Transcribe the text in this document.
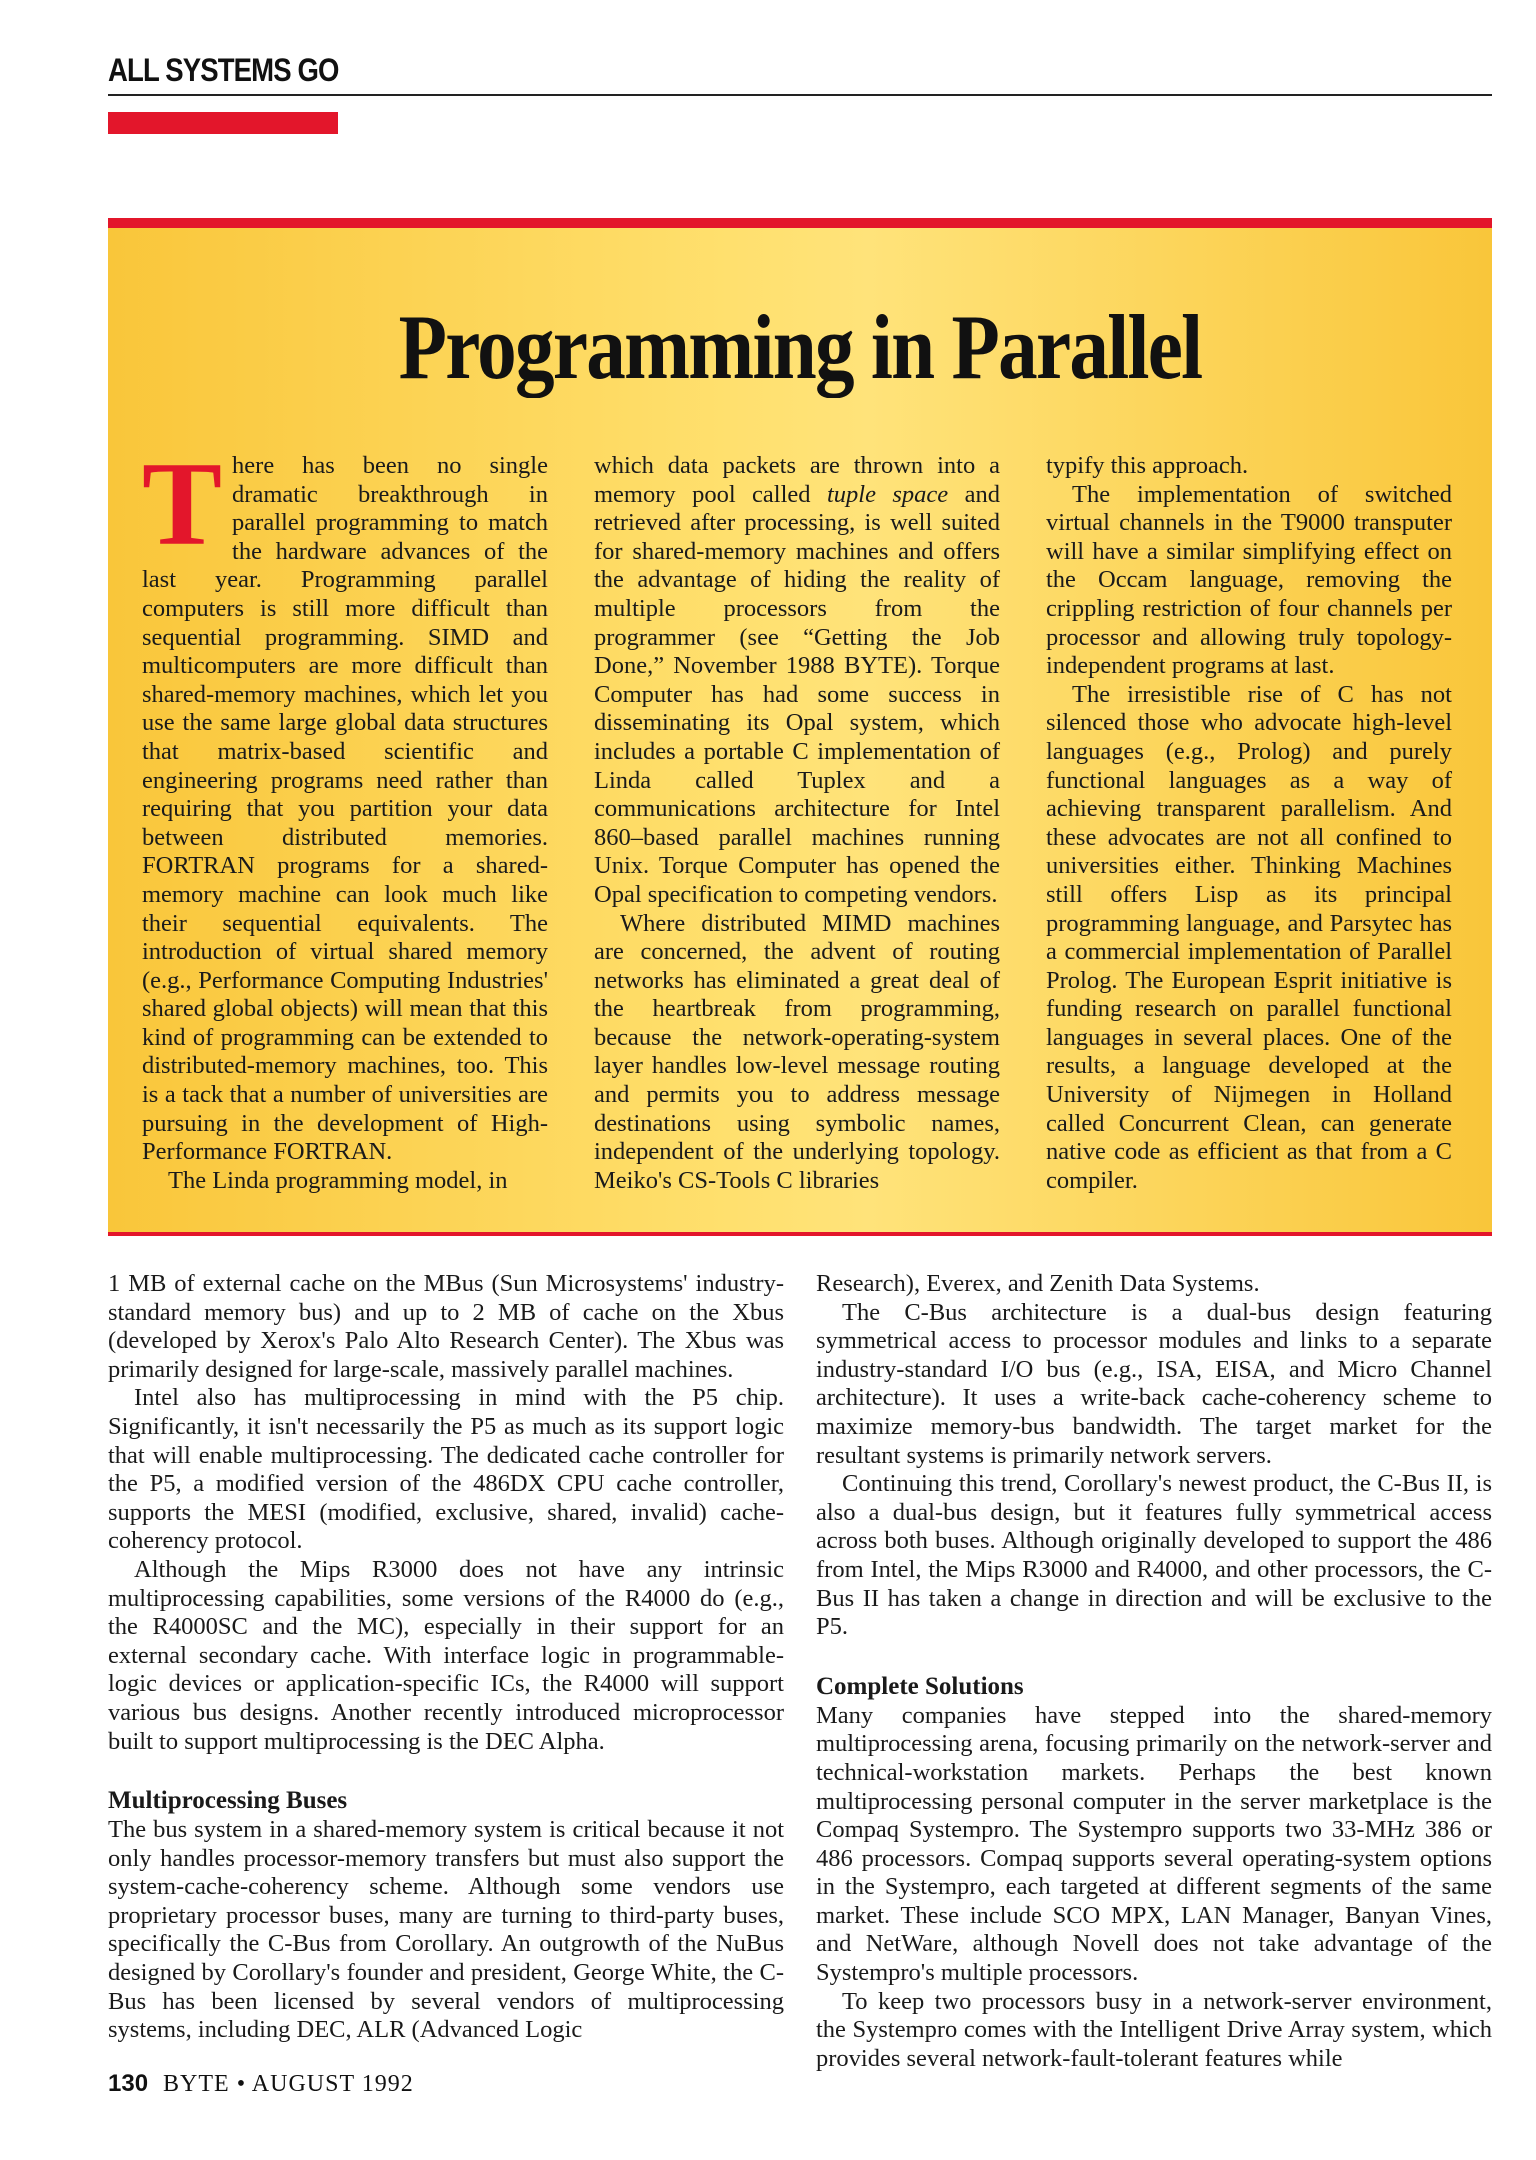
ALL SYSTEMS GO
Programming in Parallel

There has been no single dramatic breakthrough in parallel programming to match the hardware advances of the last year. Programming parallel computers is still more difficult than sequential programming. SIMD and multicomputers are more difficult than shared-memory machines, which let you use the same large global data structures that matrix-based scientific and engineering programs need rather than requiring that you partition your data between distributed memories. FORTRAN programs for a shared-memory machine can look much like their sequential equivalents. The introduction of virtual shared memory (e.g., Performance Computing Industries' shared global objects) will mean that this kind of programming can be extended to distributed-memory machines, too. This is a tack that a number of universities are pursuing in the development of High-Performance FORTRAN.

The Linda programming model, in

which data packets are thrown into a memory pool called tuple space and retrieved after processing, is well suited for shared-memory machines and offers the advantage of hiding the reality of multiple processors from the programmer (see “Getting the Job Done,” November 1988 BYTE). Torque Computer has had some success in disseminating its Opal system, which includes a portable C implementation of Linda called Tuplex and a communications architecture for Intel 860–based parallel machines running Unix. Torque Computer has opened the Opal specification to competing vendors.

Where distributed MIMD machines are concerned, the advent of routing networks has eliminated a great deal of the heartbreak from programming, because the network-operating-system layer handles low-level message routing and permits you to address message destinations using symbolic names, independent of the underlying topology. Meiko's CS-Tools C libraries

typify this approach.

The implementation of switched virtual channels in the T9000 transputer will have a similar simplifying effect on the Occam language, removing the crippling restriction of four channels per processor and allowing truly topology-independent programs at last.

The irresistible rise of C has not silenced those who advocate high-level languages (e.g., Prolog) and purely functional languages as a way of achieving transparent parallelism. And these advocates are not all confined to universities either. Thinking Machines still offers Lisp as its principal programming language, and Parsytec has a commercial implementation of Parallel Prolog. The European Esprit initiative is funding research on parallel functional languages in several places. One of the results, a language developed at the University of Nijmegen in Holland called Concurrent Clean, can generate native code as efficient as that from a C compiler.

1 MB of external cache on the MBus (Sun Microsystems' industry-standard memory bus) and up to 2 MB of cache on the Xbus (developed by Xerox's Palo Alto Research Center). The Xbus was primarily designed for large-scale, massively parallel machines.

Intel also has multiprocessing in mind with the P5 chip. Significantly, it isn't necessarily the P5 as much as its support logic that will enable multiprocessing. The dedicated cache controller for the P5, a modified version of the 486DX CPU cache controller, supports the MESI (modified, exclusive, shared, invalid) cache-coherency protocol.

Although the Mips R3000 does not have any intrinsic multiprocessing capabilities, some versions of the R4000 do (e.g., the R4000SC and the MC), especially in their support for an external secondary cache. With interface logic in programmable-logic devices or application-specific ICs, the R4000 will support various bus designs. Another recently introduced microprocessor built to support multiprocessing is the DEC Alpha.

Multiprocessing Buses

The bus system in a shared-memory system is critical because it not only handles processor-memory transfers but must also support the system-cache-coherency scheme. Although some vendors use proprietary processor buses, many are turning to third-party buses, specifically the C-Bus from Corollary. An outgrowth of the NuBus designed by Corollary's founder and president, George White, the C-Bus has been licensed by several vendors of multiprocessing systems, including DEC, ALR (Advanced Logic

Research), Everex, and Zenith Data Systems.

The C-Bus architecture is a dual-bus design featuring symmetrical access to processor modules and links to a separate industry-standard I/O bus (e.g., ISA, EISA, and Micro Channel architecture). It uses a write-back cache-coherency scheme to maximize memory-bus bandwidth. The target market for the resultant systems is primarily network servers.

Continuing this trend, Corollary's newest product, the C-Bus II, is also a dual-bus design, but it features fully symmetrical access across both buses. Although originally developed to support the 486 from Intel, the Mips R3000 and R4000, and other processors, the C-Bus II has taken a change in direction and will be exclusive to the P5.

Complete Solutions

Many companies have stepped into the shared-memory multiprocessing arena, focusing primarily on the network-server and technical-workstation markets. Perhaps the best known multiprocessing personal computer in the server marketplace is the Compaq Systempro. The Systempro supports two 33-MHz 386 or 486 processors. Compaq supports several operating-system options in the Systempro, each targeted at different segments of the same market. These include SCO MPX, LAN Manager, Banyan Vines, and NetWare, although Novell does not take advantage of the Systempro's multiple processors.

To keep two processors busy in a network-server environment, the Systempro comes with the Intelligent Drive Array system, which provides several network-fault-tolerant features while

130 BYTE • AUGUST 1992
